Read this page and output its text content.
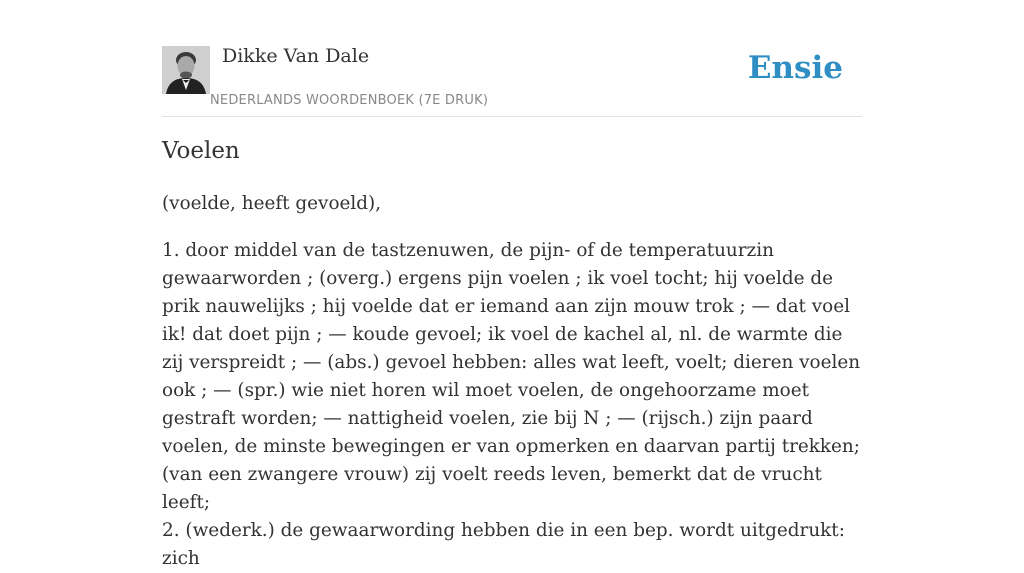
Dikke Van Dale
NEDERLANDS WOORDENBOEK (7E DRUK)
Ensie
Voelen

(voelde, heeft gevoeld),

1. door middel van de tastzenuwen, de pijn- of de temperatuurzin gewaarworden ; (overg.) ergens pijn voelen ; ik voel tocht; hij voelde de prik nauwelijks ; hij voelde dat er iemand aan zijn mouw trok ; — dat voel ik! dat doet pijn ; — koude gevoel; ik voel de kachel al, nl. de warmte die zij verspreidt ; — (abs.) gevoel hebben: alles wat leeft, voelt; dieren voelen ook ; — (spr.) wie niet horen wil moet voelen, de ongehoorzame moet gestraft worden; — nattigheid voelen, zie bij N ; — (rijsch.) zijn paard voelen, de minste bewegingen er van opmerken en daarvan partij trekken; (van een zwangere vrouw) zij voelt reeds leven, bemerkt dat de vrucht leeft;

2. (wederk.) de gewaarwording hebben die in een bep. wordt uitgedrukt: zich
